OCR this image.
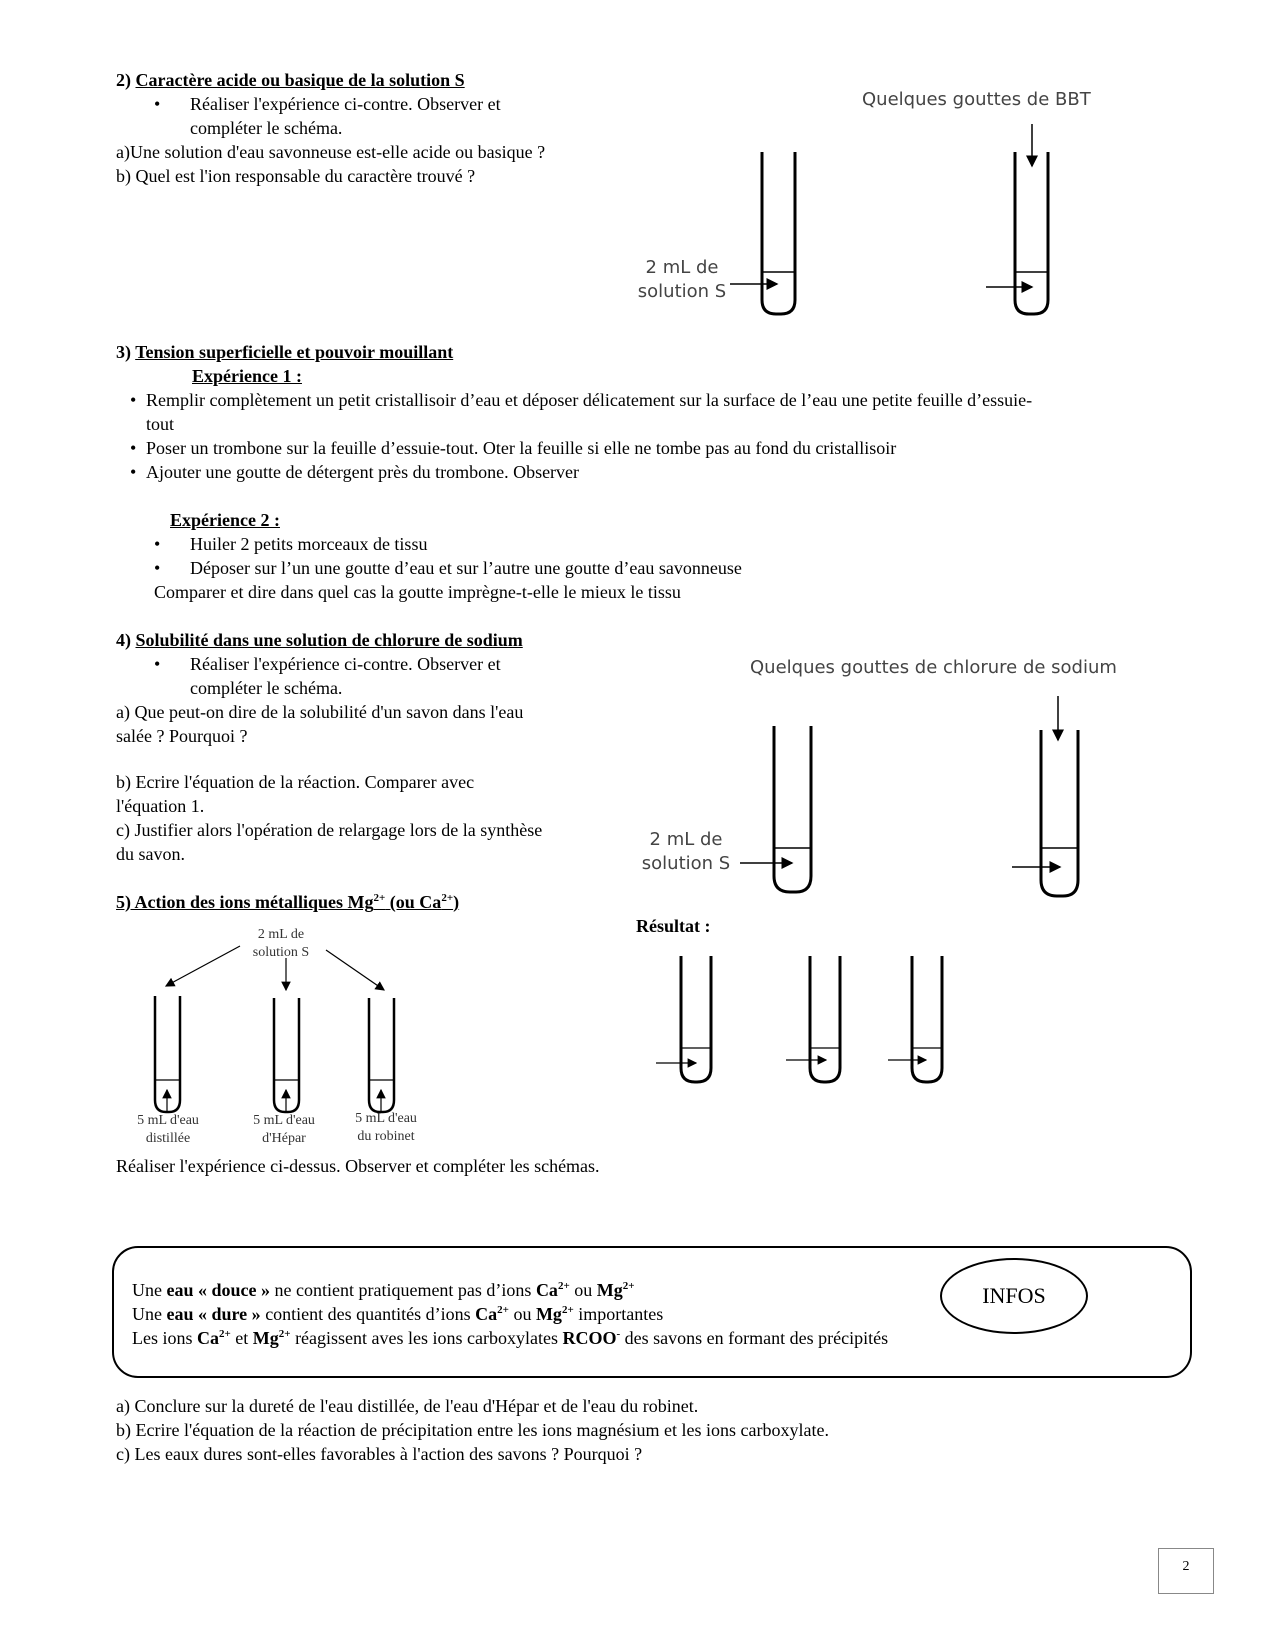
2) Caractère acide ou basique de la solution S
• Réaliser l'expérience ci-contre. Observer et
compléter le schéma.
a)Une solution d'eau savonneuse est-elle acide ou basique ?
b) Quel est l'ion responsable du caractère trouvé ?
Quelques gouttes de BBT
2 mL de
solution S
3) Tension superficielle et pouvoir mouillant
Expérience 1 :
• Remplir complètement un petit cristallisoir d’eau et déposer délicatement sur la surface de l’eau une petite feuille d’essuie-
tout
• Poser un trombone sur la feuille d’essuie-tout. Oter la feuille si elle ne tombe pas au fond du cristallisoir
• Ajouter une goutte de détergent près du trombone. Observer
Expérience 2 :
•	Huiler 2 petits morceaux de tissu
•	Déposer sur l’un une goutte d’eau et sur l’autre une goutte d’eau savonneuse
Comparer et dire dans quel cas la goutte imprègne-t-elle le mieux le tissu
4) Solubilité dans une solution de chlorure de sodium
• Réaliser l'expérience ci-contre. Observer et
compléter le schéma.
a) Que peut-on dire de la solubilité d'un savon dans l'eau
salée ? Pourquoi ?
b) Ecrire l'équation de la réaction. Comparer avec
l'équation 1.
c) Justifier alors l'opération de relargage lors de la synthèse
du savon.
Quelques gouttes de chlorure de sodium
2 mL de
solution S
5) Action des ions métalliques $Mg^{2+}$ (ou $Ca^{2+}$)
Résultat :
2 mL de
solution S
5 mL d'eau
distillée
5 mL d'eau
d'Hépar
5 mL d'eau
du robinet
Réaliser l'expérience ci-dessus. Observer et compléter les schémas.
INFOS
Une eau « douce » ne contient pratiquement pas d’ions $Ca^{2+}$ ou $Mg^{2+}$
Une eau « dure » contient des quantités d’ions $Ca^{2+}$ ou $Mg^{2+}$ importantes
Les ions $Ca^{2+}$ et $Mg^{2+}$ réagissent aves les ions carboxylates RCOO- des savons en formant des précipités
a) Conclure sur la dureté de l'eau distillée, de l'eau d'Hépar et de l'eau du robinet.
b) Ecrire l'équation de la réaction de précipitation entre les ions magnésium et les ions carboxylate.
c) Les eaux dures sont-elles favorables à l'action des savons ? Pourquoi ?
2
